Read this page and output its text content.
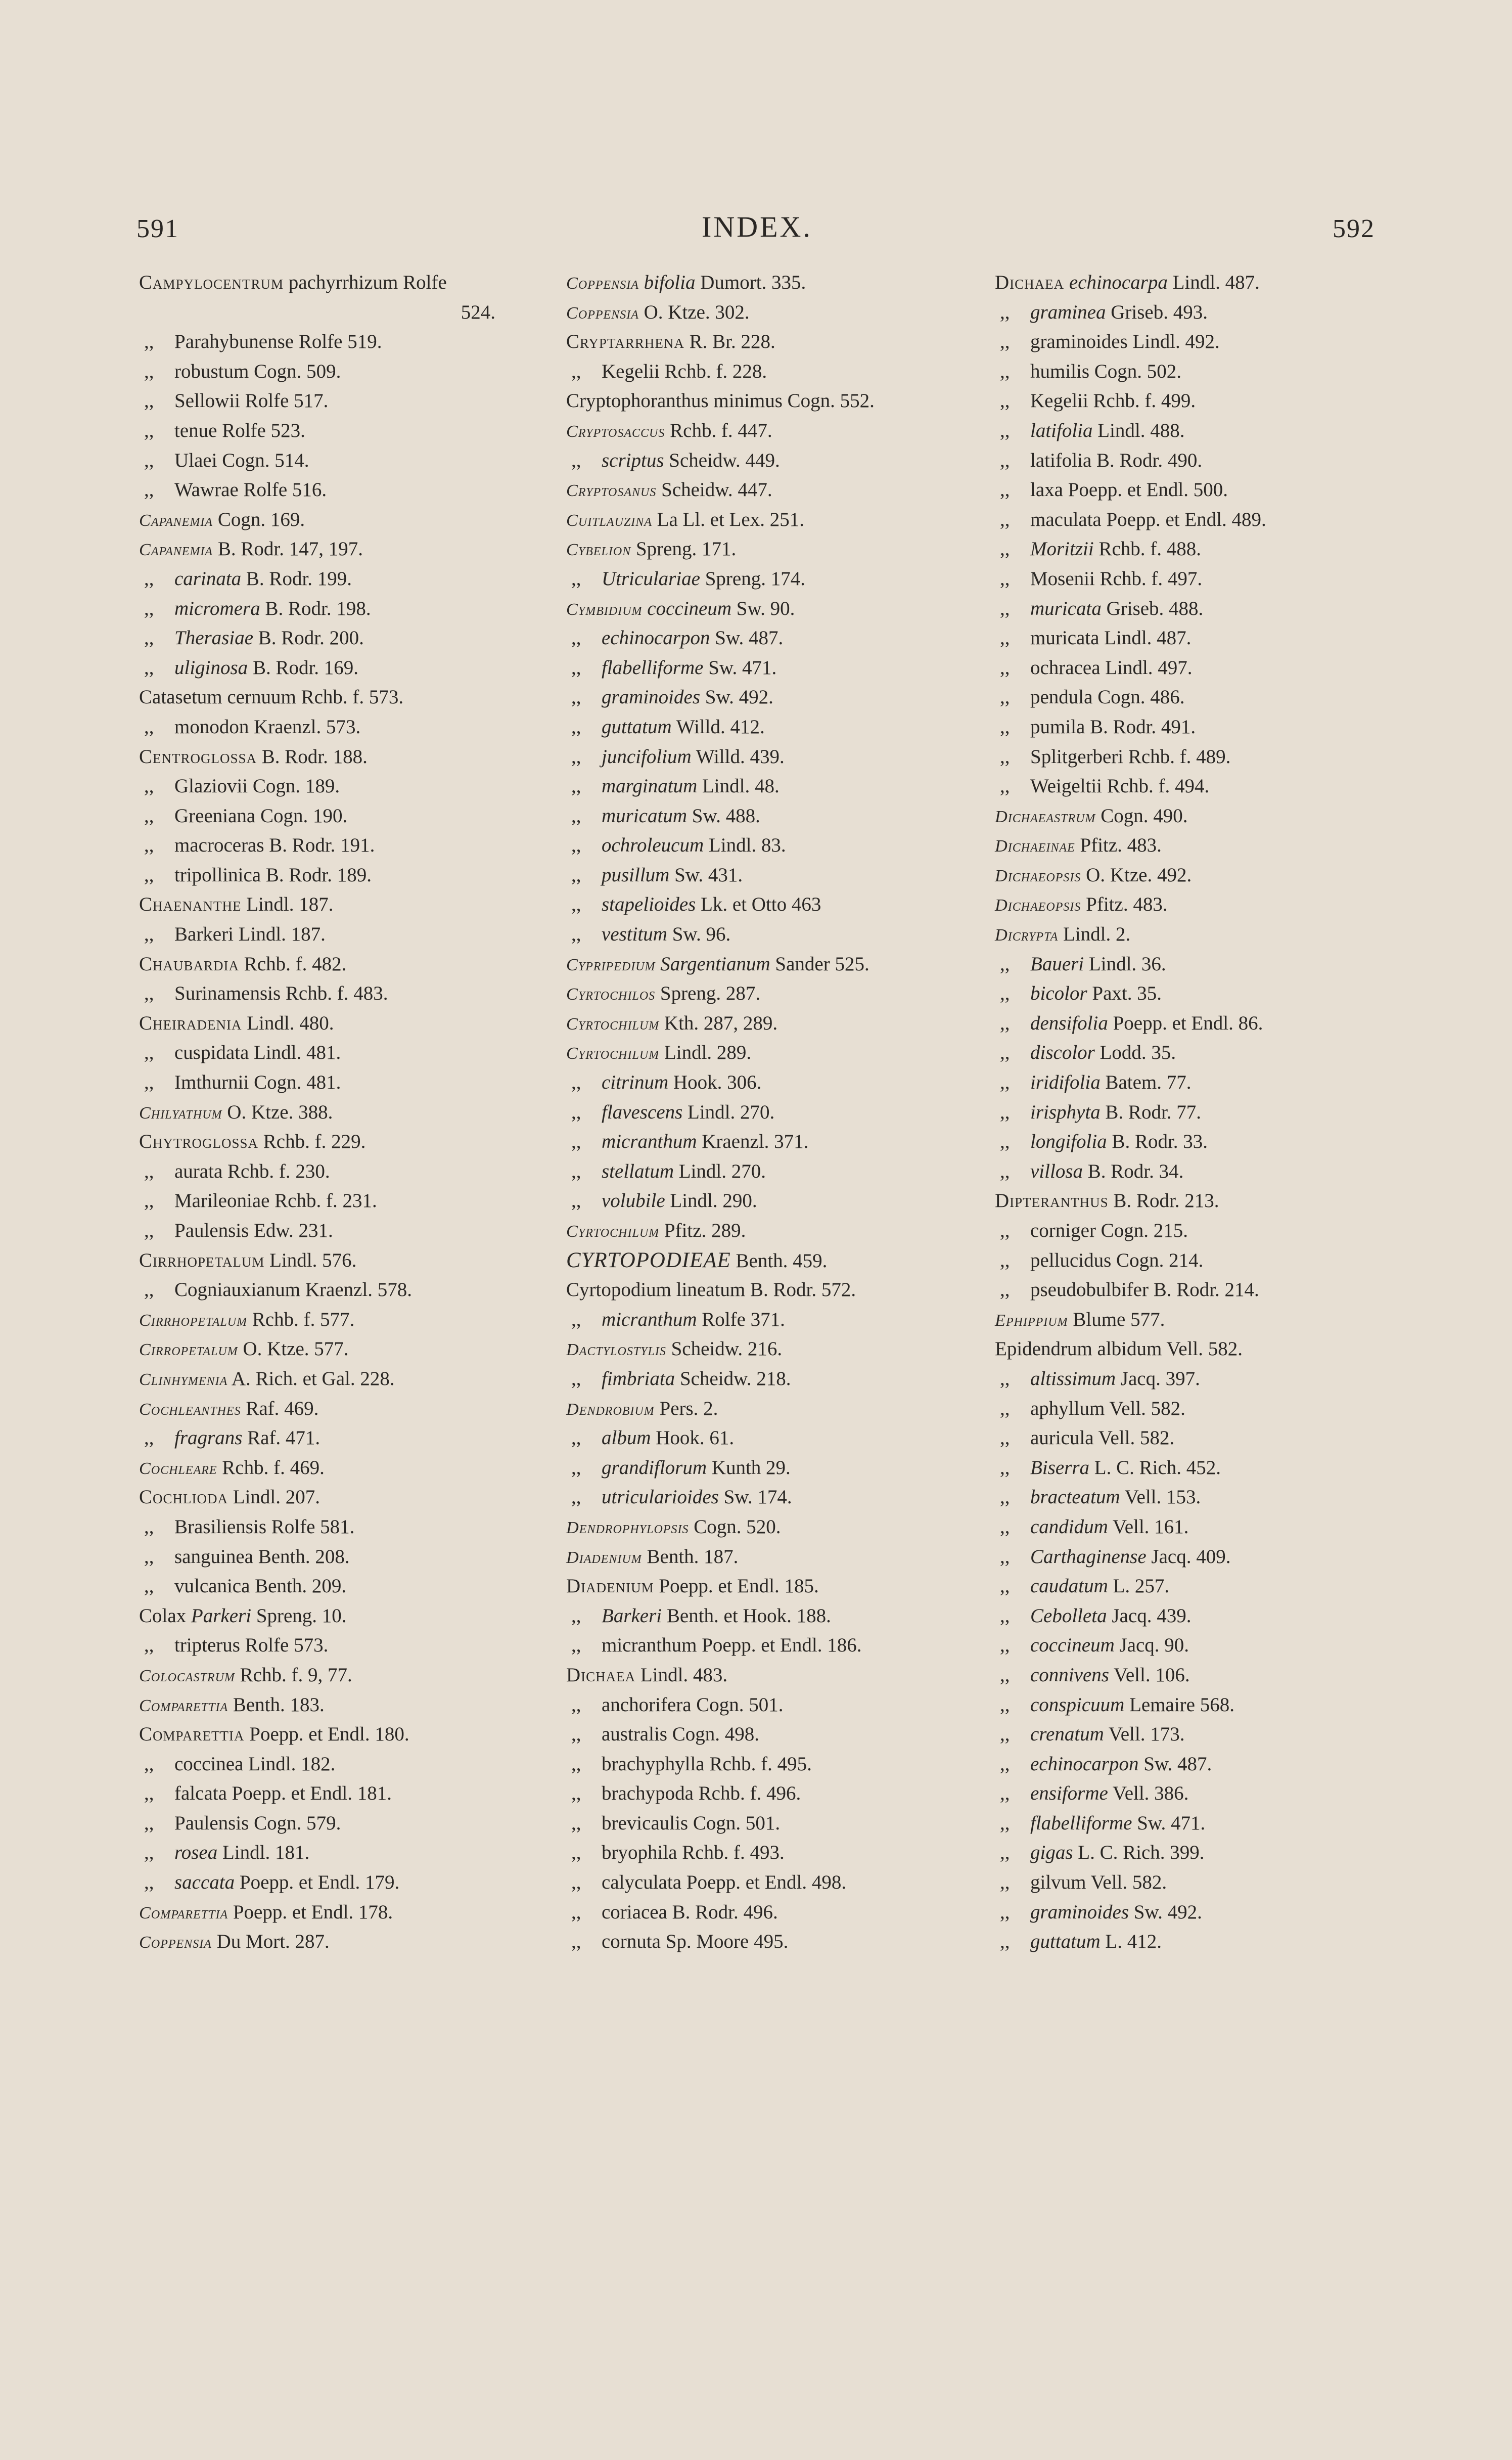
591	INDEX.	592
Campylocentrum pachyrrhizum Rolfe
524.
,, Parahybunense Rolfe 519.
,, robustum Cogn. 509.
,, Sellowii Rolfe 517.
,, tenue Rolfe 523.
,, Ulaei Cogn. 514.
,, Wawrae Rolfe 516.
Capanemia Cogn. 169.
Capanemia B. Rodr. 147, 197.
,, carinata B. Rodr. 199.
,, micromera B. Rodr. 198.
,, Therasiae B. Rodr. 200.
,, uliginosa B. Rodr. 169.
Catasetum cernuum Rchb. f. 573.
,, monodon Kraenzl. 573.
Centroglossa B. Rodr. 188.
,, Glaziovii Cogn. 189.
,, Greeniana Cogn. 190.
,, macroceras B. Rodr. 191.
,, tripollinica B. Rodr. 189.
Chaenanthe Lindl. 187.
,, Barkeri Lindl. 187.
Chaubardia Rchb. f. 482.
,, Surinamensis Rchb. f. 483.
Cheiradenia Lindl. 480.
,, cuspidata Lindl. 481.
,, Imthurnii Cogn. 481.
Chilyathum O. Ktze. 388.
Chytroglossa Rchb. f. 229.
,, aurata Rchb. f. 230.
,, Marileoniae Rchb. f. 231.
,, Paulensis Edw. 231.
Cirrhopetalum Lindl. 576.
,, Cogniauxianum Kraenzl. 578.
Cirrhopetalum Rchb. f. 577.
Cirropetalum O. Ktze. 577.
Clinhymenia A. Rich. et Gal. 228.
Cochleanthes Raf. 469.
,, fragrans Raf. 471.
Cochleare Rchb. f. 469.
Cochlioda Lindl. 207.
,, Brasiliensis Rolfe 581.
,, sanguinea Benth. 208.
,, vulcanica Benth. 209.
Colax Parkeri Spreng. 10.
,, tripterus Rolfe 573.
Colocastrum Rchb. f. 9, 77.
Comparettia Benth. 183.
Comparettia Poepp. et Endl. 180.
,, coccinea Lindl. 182.
,, falcata Poepp. et Endl. 181.
,, Paulensis Cogn. 579.
,, rosea Lindl. 181.
,, saccata Poepp. et Endl. 179.
Comparettia Poepp. et Endl. 178.
Coppensia Du Mort. 287.
Coppensia bifolia Dumort. 335.
Coppensia O. Ktze. 302.
Cryptarrhena R. Br. 228.
,, Kegelii Rchb. f. 228.
Cryptophoranthus minimus Cogn. 552.
Cryptosaccus Rchb. f. 447.
,, scriptus Scheidw. 449.
Cryptosanus Scheidw. 447.
Cuitlauzina La Ll. et Lex. 251.
Cybelion Spreng. 171.
,, Utriculariae Spreng. 174.
Cymbidium coccineum Sw. 90.
,, echinocarpon Sw. 487.
,, flabelliforme Sw. 471.
,, graminoides Sw. 492.
,, guttatum Willd. 412.
,, juncifolium Willd. 439.
,, marginatum Lindl. 48.
,, muricatum Sw. 488.
,, ochroleucum Lindl. 83.
,, pusillum Sw. 431.
,, stapelioides Lk. et Otto 463
,, vestitum Sw. 96.
Cypripedium Sargentianum Sander 525.
Cyrtochilos Spreng. 287.
Cyrtochilum Kth. 287, 289.
Cyrtochilum Lindl. 289.
,, citrinum Hook. 306.
,, flavescens Lindl. 270.
,, micranthum Kraenzl. 371.
,, stellatum Lindl. 270.
,, volubile Lindl. 290.
Cyrtochilum Pfitz. 289.
CYRTOPODIEAE Benth. 459.
Cyrtopodium lineatum B. Rodr. 572.
,, micranthum Rolfe 371.
Dactylostylis Scheidw. 216.
,, fimbriata Scheidw. 218.
Dendrobium Pers. 2.
,, album Hook. 61.
,, grandiflorum Kunth 29.
,, utricularioides Sw. 174.
Dendrophylopsis Cogn. 520.
Diadenium Benth. 187.
Diadenium Poepp. et Endl. 185.
,, Barkeri Benth. et Hook. 188.
,, micranthum Poepp. et Endl. 186.
Dichaea Lindl. 483.
,, anchorifera Cogn. 501.
,, australis Cogn. 498.
,, brachyphylla Rchb. f. 495.
,, brachypoda Rchb. f. 496.
,, brevicaulis Cogn. 501.
,, bryophila Rchb. f. 493.
,, calyculata Poepp. et Endl. 498.
,, coriacea B. Rodr. 496.
,, cornuta Sp. Moore 495.
Dichaea echinocarpa Lindl. 487.
,, graminea Griseb. 493.
,, graminoides Lindl. 492.
,, humilis Cogn. 502.
,, Kegelii Rchb. f. 499.
,, latifolia Lindl. 488.
,, latifolia B. Rodr. 490.
,, laxa Poepp. et Endl. 500.
,, maculata Poepp. et Endl. 489.
,, Moritzii Rchb. f. 488.
,, Mosenii Rchb. f. 497.
,, muricata Griseb. 488.
,, muricata Lindl. 487.
,, ochracea Lindl. 497.
,, pendula Cogn. 486.
,, pumila B. Rodr. 491.
,, Splitgerberi Rchb. f. 489.
,, Weigeltii Rchb. f. 494.
Dichaeastrum Cogn. 490.
Dichaeinae Pfitz. 483.
Dichaeopsis O. Ktze. 492.
Dichaeopsis Pfitz. 483.
Dicrypta Lindl. 2.
,, Baueri Lindl. 36.
,, bicolor Paxt. 35.
,, densifolia Poepp. et Endl. 86.
,, discolor Lodd. 35.
,, iridifolia Batem. 77.
,, irisphyta B. Rodr. 77.
,, longifolia B. Rodr. 33.
,, villosa B. Rodr. 34.
Dipteranthus B. Rodr. 213.
,, corniger Cogn. 215.
,, pellucidus Cogn. 214.
,, pseudobulbifer B. Rodr. 214.
Ephippium Blume 577.
Epidendrum albidum Vell. 582.
,, altissimum Jacq. 397.
,, aphyllum Vell. 582.
,, auricula Vell. 582.
,, Biserra L. C. Rich. 452.
,, bracteatum Vell. 153.
,, candidum Vell. 161.
,, Carthaginense Jacq. 409.
,, caudatum L. 257.
,, Cebolleta Jacq. 439.
,, coccineum Jacq. 90.
,, connivens Vell. 106.
,, conspicuum Lemaire 568.
,, crenatum Vell. 173.
,, echinocarpon Sw. 487.
,, ensiforme Vell. 386.
,, flabelliforme Sw. 471.
,, gigas L. C. Rich. 399.
,, gilvum Vell. 582.
,, graminoides Sw. 492.
,, guttatum L. 412.
